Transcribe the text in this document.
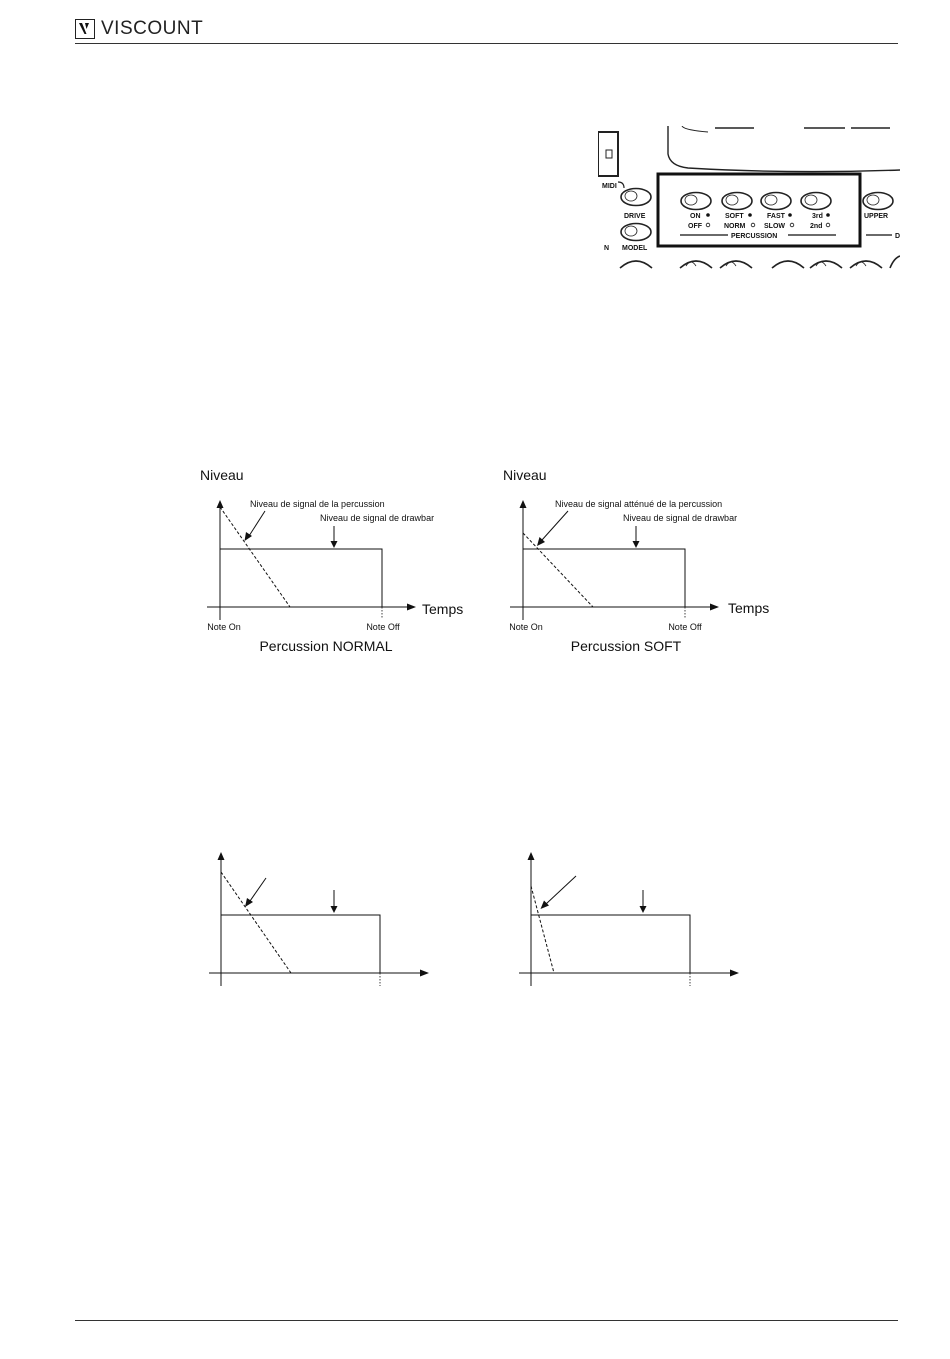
VISCOUNT
MIDI
DRIVE
N MODEL
ON
OFF
SOFT
NORM
FAST
SLOW
3rd
2nd
PERCUSSION
UPPER
D
Niveau
Temps
Niveau de signal de la percussion
Niveau de signal de drawbar
Note On	Note Off
Percussion NORMAL
Niveau
Temps
Niveau de signal atténué de la percussion
Niveau de signal de drawbar
Note On	Note Off
Percussion SOFT
